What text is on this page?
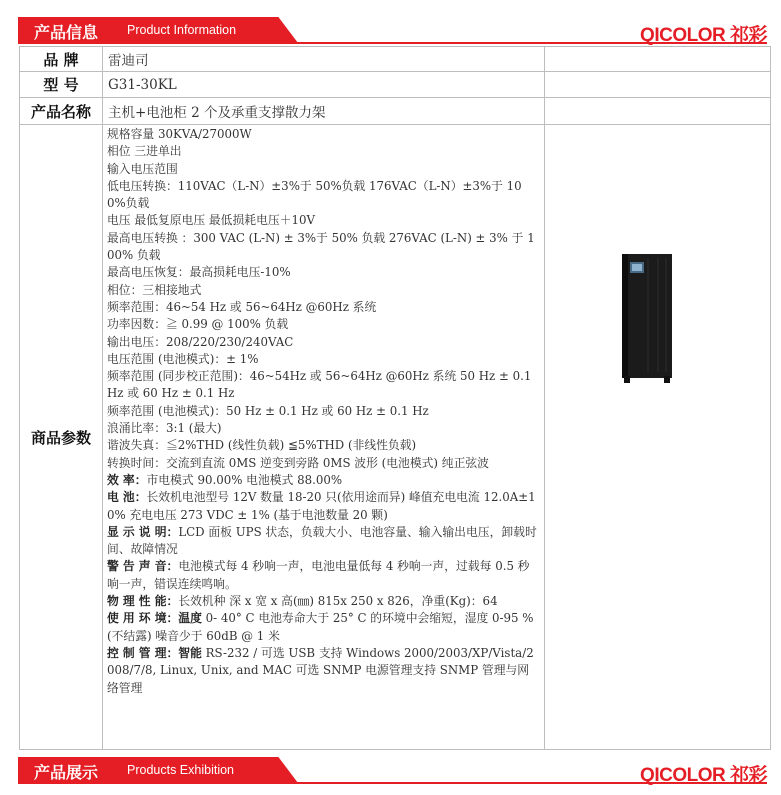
产品信息 Product Information	QICOLOR 祁彩
品 牌	雷迪司
型 号	G31-30KL
产品名称	主机+电池柜 2 个及承重支撑散力架
商品参数
规格容量 30KVA/27000W
相位 三进单出
输入电压范围
低电压转换：110VAC（L-N）±3%于 50%负载 176VAC（L-N）±3%于 100%负载
电压 最低复原电压 最低损耗电压＋10V
最高电压转换 ：300 VAC (L-N) ± 3%于 50% 负载 276VAC (L-N) ± 3% 于 100% 负载
最高电压恢复：最高损耗电压-10%
相位：三相接地式
频率范围：46~54 Hz 或 56~64Hz @60Hz 系统
功率因数：≧ 0.99 @ 100% 负载
输出电压：208/220/230/240VAC
电压范围 (电池模式)：± 1%
频率范围 (同步校正范围)：46~54Hz 或 56~64Hz @60Hz 系统 50 Hz ± 0.1 Hz 或 60 Hz ± 0.1 Hz
频率范围 (电池模式)：50 Hz ± 0.1 Hz 或 60 Hz ± 0.1 Hz
浪涌比率：3:1 (最大)
谐波失真：≦2%THD (线性负载) ≦5%THD (非线性负载)
转换时间：交流到直流 0MS 逆变到旁路 0MS 波形 (电池模式) 纯正弦波
效 率：市电模式 90.00% 电池模式 88.00%
电 池：长效机电池型号 12V 数量 18-20 只(依用途而异) 峰值充电电流 12.0A±10% 充电电压 273 VDC ± 1% (基于电池数量 20 颗)
显 示 说 明：LCD 面板 UPS 状态，负载大小、电池容量、输入输出电压，卸载时间、故障情况
警 告 声 音：电池模式每 4 秒响一声，电池电量低每 4 秒响一声，过载每 0.5 秒响一声，错误连续鸣响。
物 理 性 能：长效机种 深 x 宽 x 高(㎜) 815x 250 x 826，净重(Kg)：64
使 用 环 境：温度 0- 40° C 电池寿命大于 25° C 的环境中会缩短，湿度 0-95 % (不结露) 噪音少于 60dB @ 1 米
控 制 管 理：智能 RS-232 / 可选 USB 支持 Windows 2000/2003/XP/Vista/2008/7/8, Linux, Unix, and MAC 可选 SNMP 电源管理支持 SNMP 管理与网络管理
产品展示 Products Exhibition	QICOLOR 祁彩
